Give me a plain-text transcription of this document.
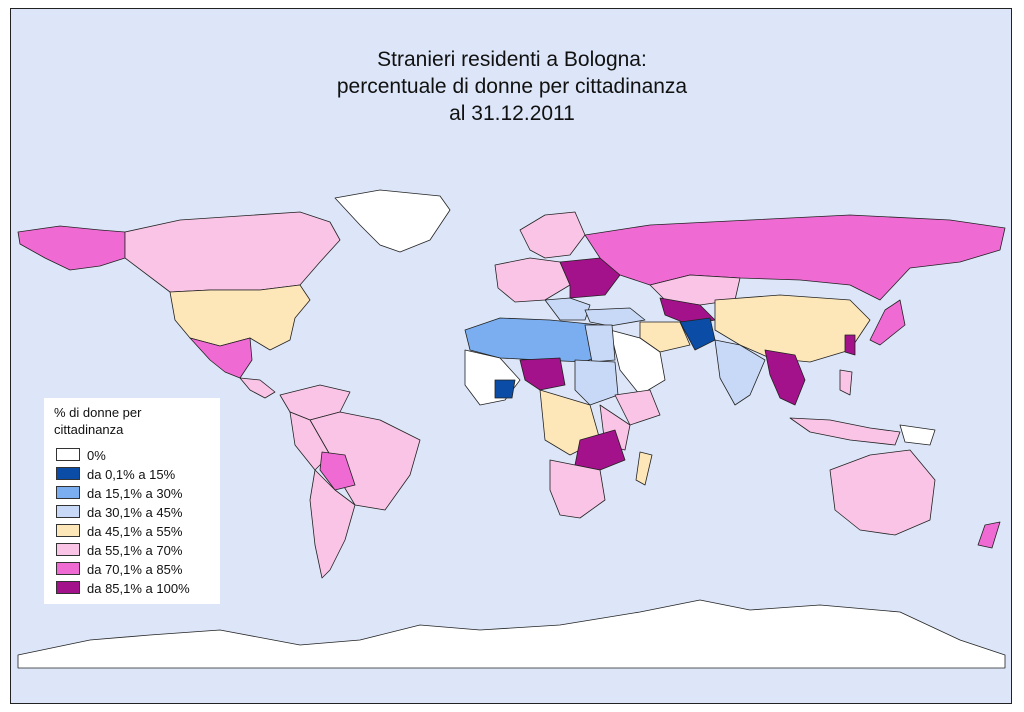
Stranieri residenti a Bologna:
percentuale di donne per cittadinanza
al 31.12.2011
% di donne per cittadinanza
0%
da 0,1% a 15%
da 15,1% a 30%
da 30,1% a 45%
da 45,1% a 55%
da 55,1% a 70%
da 70,1% a 85%
da 85,1% a 100%
